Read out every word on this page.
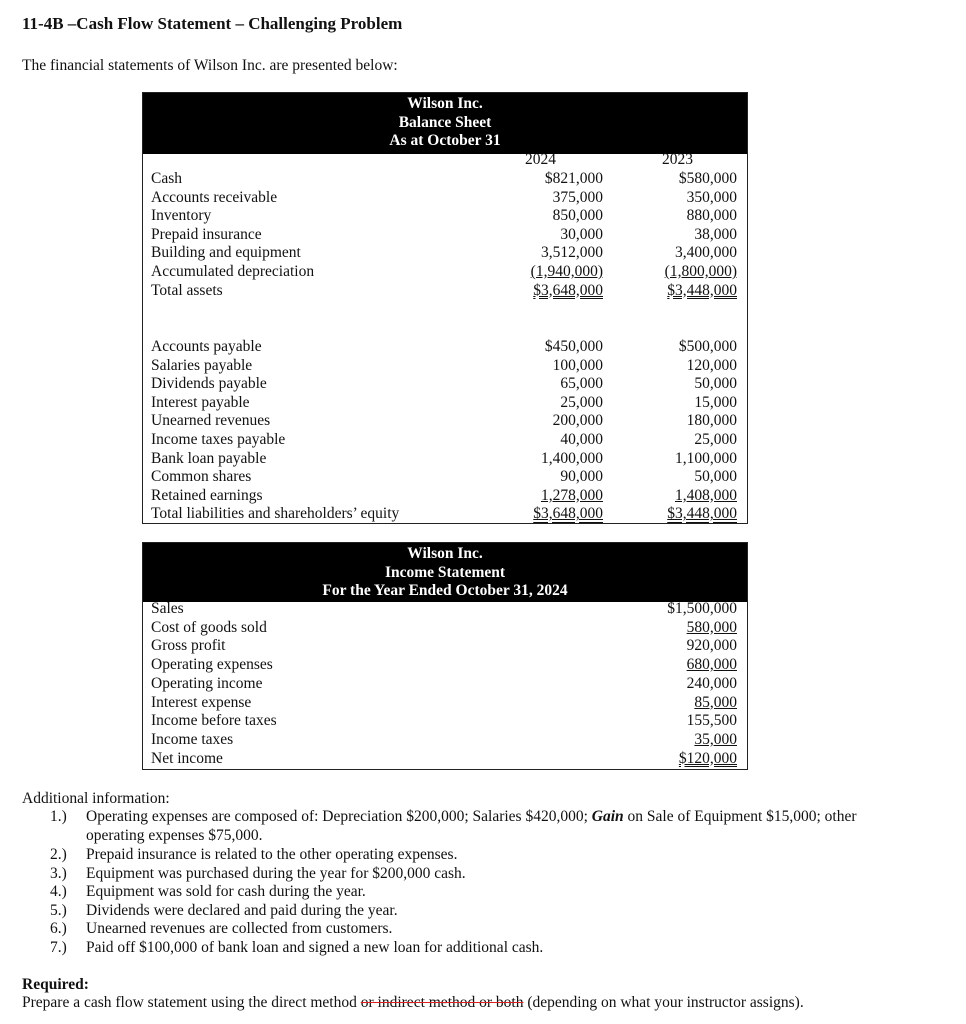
11-4B –Cash Flow Statement – Challenging Problem
The financial statements of Wilson Inc. are presented below:
Wilson Inc.
Balance Sheet
As at October 31
2024	2023
Cash	$821,000	$580,000
Accounts receivable	375,000	350,000
Inventory	850,000	880,000
Prepaid insurance	30,000	38,000
Building and equipment	3,512,000	3,400,000
Accumulated depreciation	(1,940,000)	(1,800,000)
Total assets	$3,648,000	$3,448,000
Accounts payable	$450,000	$500,000
Salaries payable	100,000	120,000
Dividends payable	65,000	50,000
Interest payable	25,000	15,000
Unearned revenues	200,000	180,000
Income taxes payable	40,000	25,000
Bank loan payable	1,400,000	1,100,000
Common shares	90,000	50,000
Retained earnings	1,278,000	1,408,000
Total liabilities and shareholders’ equity	$3,648,000	$3,448,000
Wilson Inc.
Income Statement
For the Year Ended October 31, 2024
Sales	$1,500,000
Cost of goods sold	580,000
Gross profit	920,000
Operating expenses	680,000
Operating income	240,000
Interest expense	85,000
Income before taxes	155,500
Income taxes	35,000
Net income	$120,000
Additional information:
1.) Operating expenses are composed of: Depreciation $200,000; Salaries $420,000; Gain on Sale of Equipment $15,000; other operating expenses $75,000.
2.) Prepaid insurance is related to the other operating expenses.
3.) Equipment was purchased during the year for $200,000 cash.
4.) Equipment was sold for cash during the year.
5.) Dividends were declared and paid during the year.
6.) Unearned revenues are collected from customers.
7.) Paid off $100,000 of bank loan and signed a new loan for additional cash.
Required:
Prepare a cash flow statement using the direct method or indirect method or both (depending on what your instructor assigns).
